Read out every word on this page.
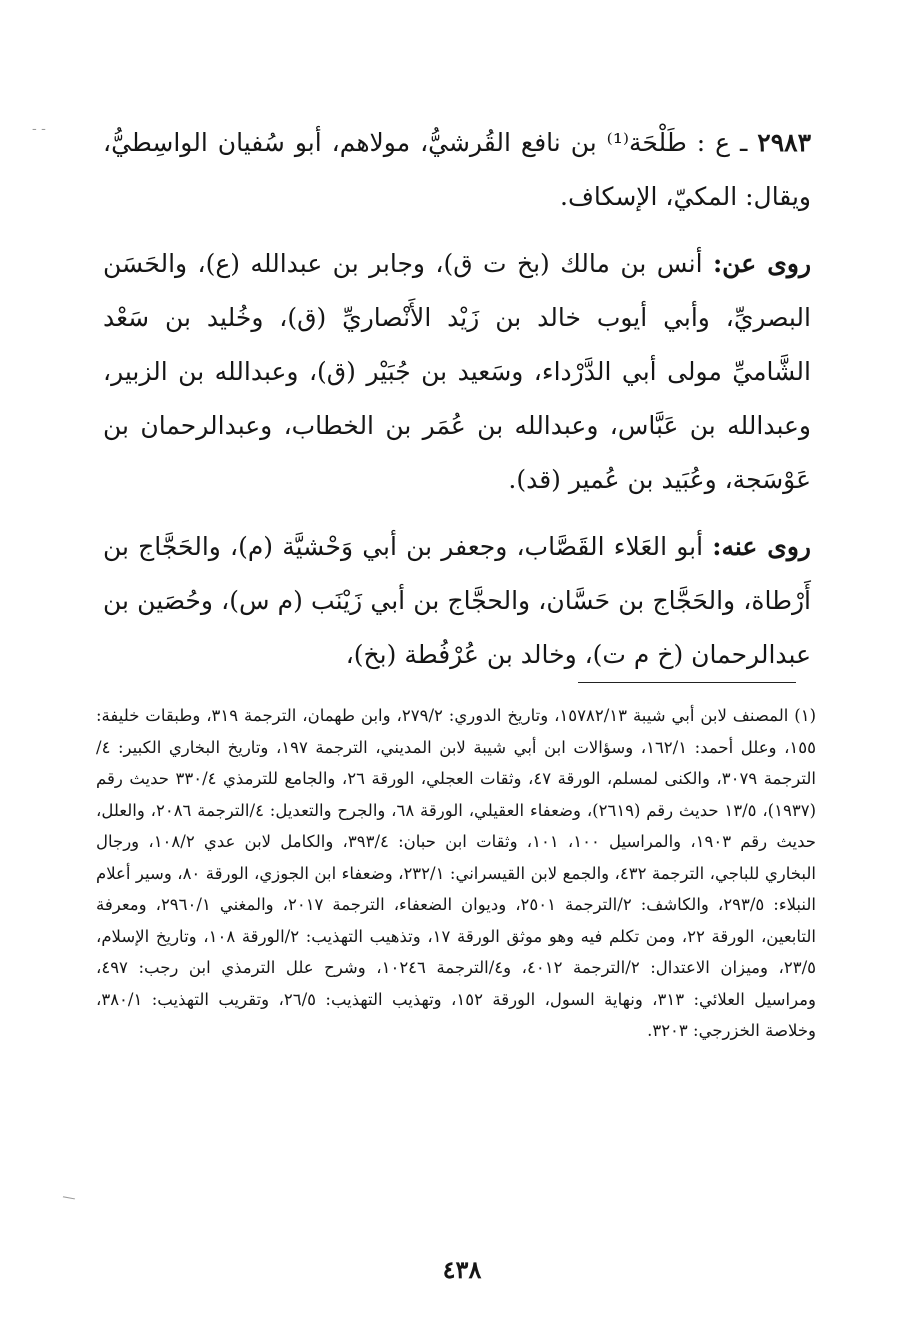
- -
\

٢٩٨٣ ـ ع : طَلْحَة⁽¹⁾ بن نافع القُرشيُّ، مولاهم، أبو سُفيان الواسِطيُّ، ويقال: المكيّ، الإسكاف.

روى عن: أنس بن مالك (بخ ت ق)، وجابر بن عبدالله (ع)، والحَسَن البصريِّ، وأبي أيوب خالد بن زَيْد الأَنْصاريِّ (ق)، وخُليد بن سَعْد الشَّاميِّ مولى أبي الدَّرْداء، وسَعيد بن جُبَيْر (ق)، وعبدالله بن الزبير، وعبدالله بن عَبَّاس، وعبدالله بن عُمَر بن الخطاب، وعبدالرحمان بن عَوْسَجة، وعُبَيد بن عُمير (قد).

روى عنه: أبو العَلاء القَصَّاب، وجعفر بن أبي وَحْشيَّة (م)، والحَجَّاج بن أَرْطاة، والحَجَّاج بن حَسَّان، والحجَّاج بن أبي زَيْنَب (م س)، وحُصَين بن عبدالرحمان (خ م ت)، وخالد بن عُرْفُطة (بخ)،

(١) المصنف لابن أبي شيبة ١٥٧٨٢/١٣، وتاريخ الدوري: ٢٧٩/٢، وابن طهمان، الترجمة ٣١٩، وطبقات خليفة: ١٥٥، وعلل أحمد: ١٦٢/١، وسؤالات ابن أبي شيبة لابن المديني، الترجمة ١٩٧، وتاريخ البخاري الكبير: ٤/الترجمة ٣٠٧٩، والكنى لمسلم، الورقة ٤٧، وثقات العجلي، الورقة ٢٦، والجامع للترمذي ٣٣٠/٤ حديث رقم (١٩٣٧)، ١٣/٥ حديث رقم (٢٦١٩)، وضعفاء العقيلي، الورقة ٦٨، والجرح والتعديل: ٤/الترجمة ٢٠٨٦، والعلل، حديث رقم ١٩٠٣، والمراسيل ١٠٠، ١٠١، وثقات ابن حبان: ٣٩٣/٤، والكامل لابن عدي ١٠٨/٢، ورجال البخاري للباجي، الترجمة ٤٣٢، والجمع لابن القيسراني: ٢٣٢/١، وضعفاء ابن الجوزي، الورقة ٨٠، وسير أعلام النبلاء: ٢٩٣/٥، والكاشف: ٢/الترجمة ٢٥٠١، وديوان الضعفاء، الترجمة ٢٠١٧، والمغني ٢٩٦٠/١، ومعرفة التابعين، الورقة ٢٢، ومن تكلم فيه وهو موثق الورقة ١٧، وتذهيب التهذيب: ٢/الورقة ١٠٨، وتاريخ الإسلام، ٢٣/٥، وميزان الاعتدال: ٢/الترجمة ٤٠١٢، و٤/الترجمة ١٠٢٤٦، وشرح علل الترمذي ابن رجب: ٤٩٧، ومراسيل العلائي: ٣١٣، ونهاية السول، الورقة ١٥٢، وتهذيب التهذيب: ٢٦/٥، وتقريب التهذيب: ٣٨٠/١، وخلاصة الخزرجي: ٣٢٠٣.

٤٣٨
